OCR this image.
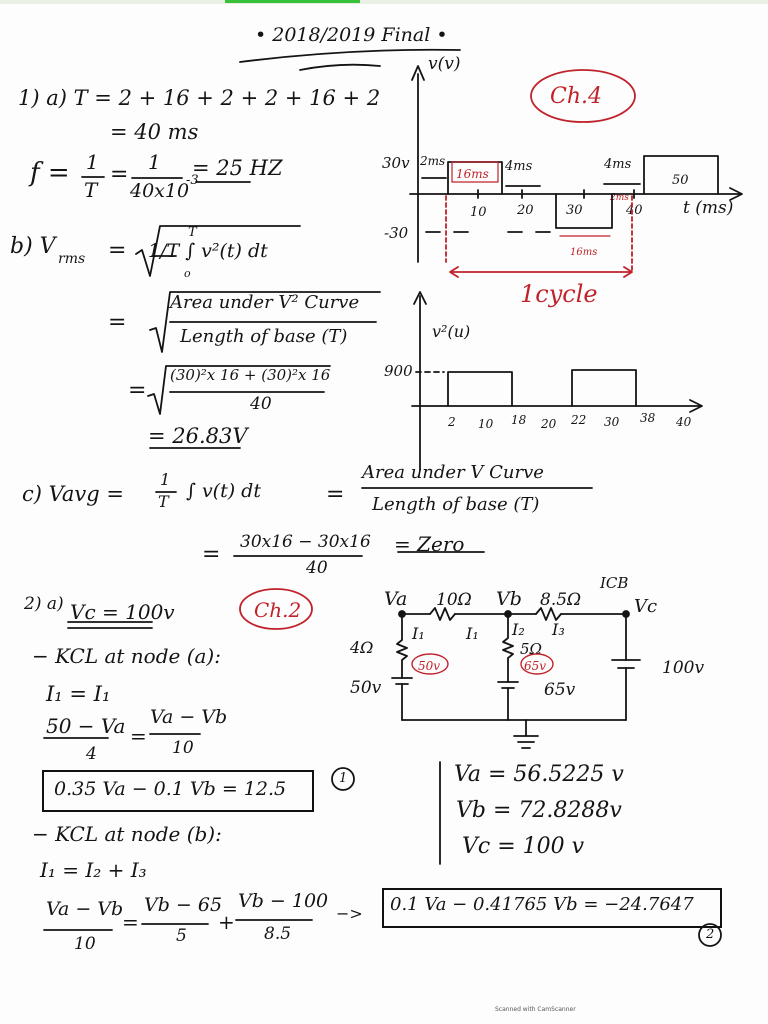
• 2018/2019 Final •
Ch.4
1) a) T = 2 + 16 + 2 + 2 + 16 + 2
= 40 ms
f = 1
T
= 1
40x10
-3
= 25 HZ
b) V rms = 1/T ∫ v²(t) dt
T
o
=
Area under V² Curve
Length of base (T)
=
(30)²x 16 + (30)²x 16
40
= 26.83V
c) Vavg =
1
T ∫ v(t) dt	=
Area under V Curve
Length of base (T)
= 30x16 − 30x16
40
= Zero
v(v)
30v
-30
10 20 30	40
50
t (ms)
2ms
16ms 4ms	4ms
2ms
16ms
1cycle
v²(u)
900
2 10 18 20 22 30 38 40
2) a) Vc = 100v	Ch.2
− KCL at node (a):
I₁ = I₁
50 − Va
4
=
Va − Vb
10
0.35 Va − 0.1 Vb = 12.5	1
− KCL at node (b):
I₁ = I₂ + I₃
Va − Vb
10
=
Vb − 65
5
+
Vb − 100
8.5
−> 0.1 Va − 0.41765 Vb = −24.7647
2
Va = 56.5225 v
Vb = 72.8288v
Vc = 100 v
Va 10Ω Vb 8.5Ω
ICB
Vc
4Ω
I₁	I₁ I₂ I₃
5Ω
50v
50v	65v
65v
100v
Scanned with CamScanner
